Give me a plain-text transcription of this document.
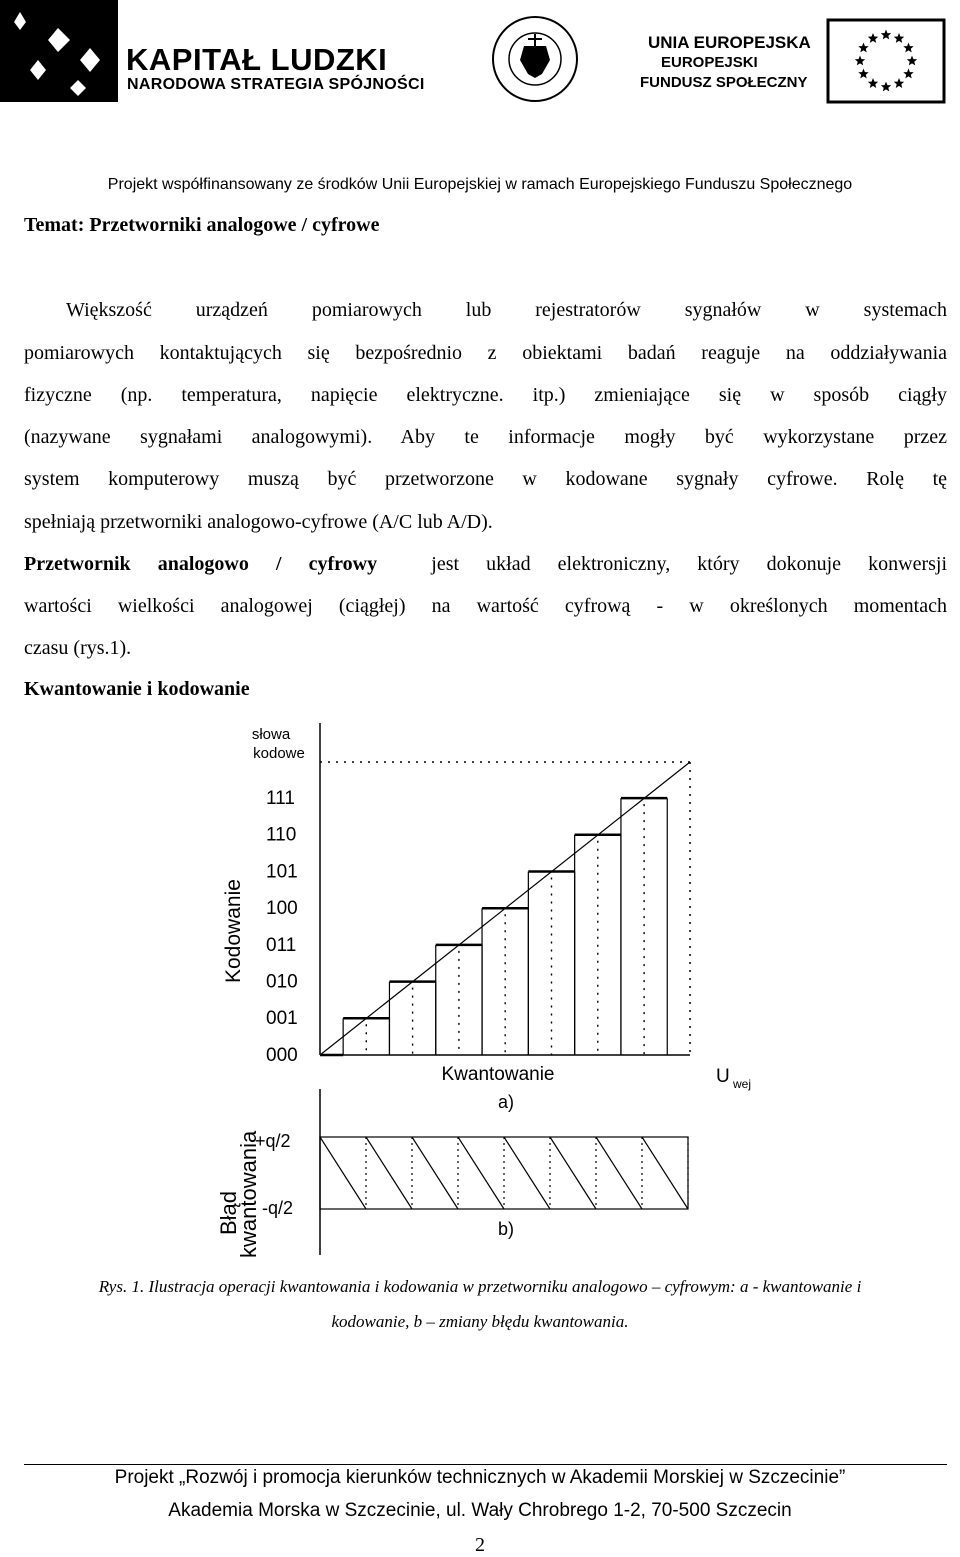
KAPITAŁ LUDZKI
NARODOWA STRATEGIA SPÓJNOŚCI
UNIA EUROPEJSKA
EUROPEJSKI
FUNDUSZ SPOŁECZNY
Projekt współfinansowany ze środków Unii Europejskiej w ramach Europejskiego Funduszu Społecznego
Temat: Przetworniki analogowe / cyfrowe
Większość urządzeń pomiarowych lub rejestratorów sygnałów w systemach
pomiarowych kontaktujących się bezpośrednio z obiektami badań reaguje na oddziaływania
fizyczne (np. temperatura, napięcie elektryczne. itp.) zmieniające się w sposób ciągły
(nazywane sygnałami analogowymi). Aby te informacje mogły być wykorzystane przez
system komputerowy muszą być przetworzone w kodowane sygnały cyfrowe. Rolę tę
spełniają przetworniki analogowo-cyfrowe (A/C lub A/D).
Przetwornik analogowo / cyfrowy	jest układ elektroniczny, który dokonuje konwersji
wartości wielkości analogowej (ciągłej) na wartość cyfrową - w określonych momentach
czasu (rys.1).
Kwantowanie i kodowanie
słowa
kodowe
Kodowanie
111
110
101
100
011
010
001
000
Kwantowanie	U wej
a)
Błąd
kwantowania
+q/2
-q/2
b)
Rys. 1. Ilustracja operacji kwantowania i kodowania w przetworniku analogowo – cyfrowym: a - kwantowanie i
kodowanie, b – zmiany błędu kwantowania.
Projekt „Rozwój i promocja kierunków technicznych w Akademii Morskiej w Szczecinie”
Akademia Morska w Szczecinie, ul. Wały Chrobrego 1-2, 70-500 Szczecin
2
